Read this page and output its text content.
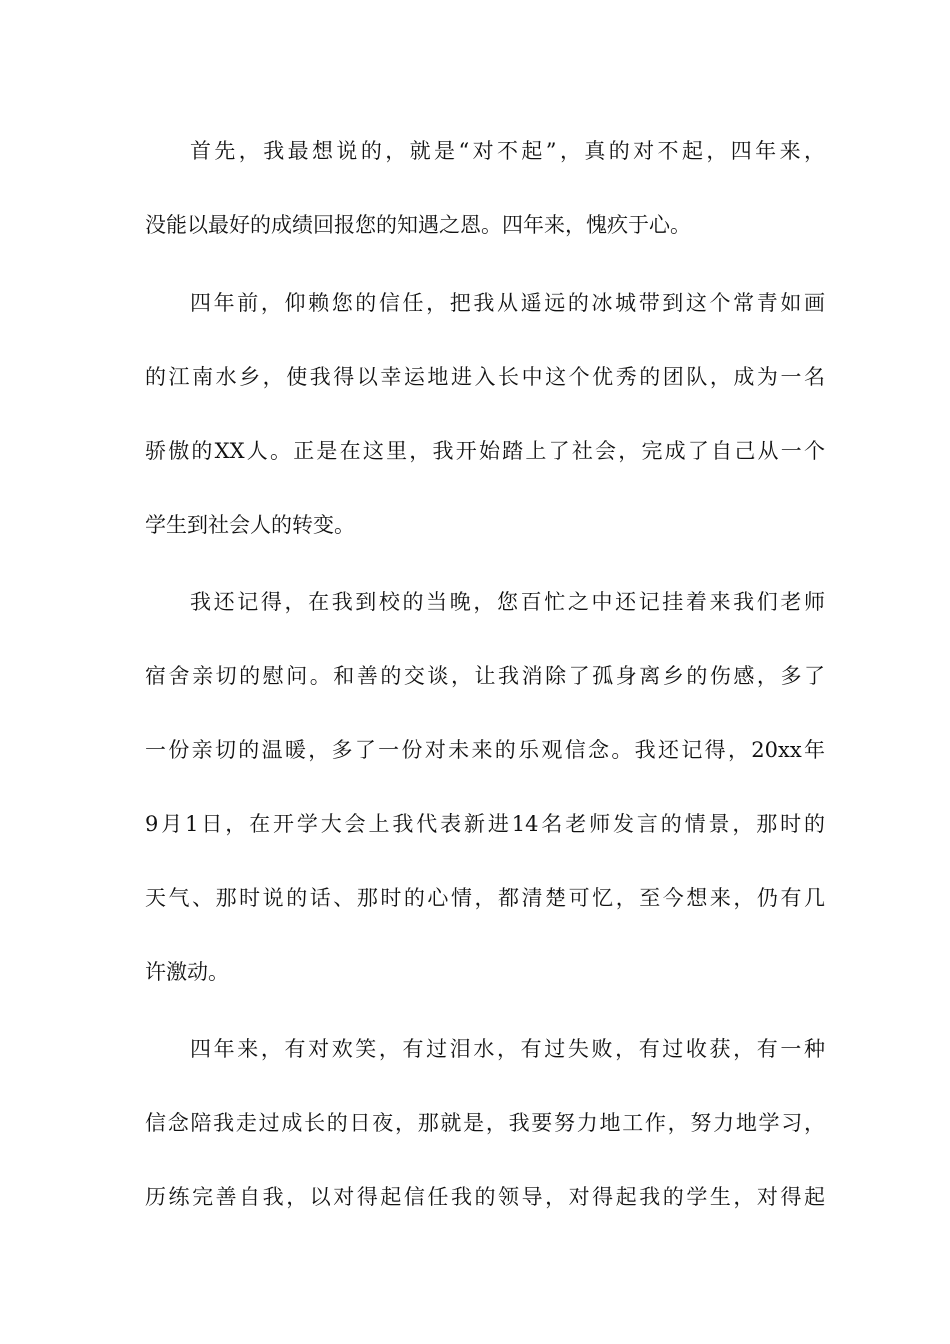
首先，我最想说的，就是“对不起”，真的对不起，四年来，
没能以最好的成绩回报您的知遇之恩。四年来，愧疚于心。
四年前，仰赖您的信任，把我从遥远的冰城带到这个常青如画
的江南水乡，使我得以幸运地进入长中这个优秀的团队，成为一名
骄傲的XX人。正是在这里，我开始踏上了社会，完成了自己从一个
学生到社会人的转变。
我还记得，在我到校的当晚，您百忙之中还记挂着来我们老师
宿舍亲切的慰问。和善的交谈，让我消除了孤身离乡的伤感，多了
一份亲切的温暖，多了一份对未来的乐观信念。我还记得，20xx年
9月1日，在开学大会上我代表新进14名老师发言的情景，那时的
天气、那时说的话、那时的心情，都清楚可忆，至今想来，仍有几
许激动。
四年来，有对欢笑，有过泪水，有过失败，有过收获，有一种
信念陪我走过成长的日夜，那就是，我要努力地工作，努力地学习，
历练完善自我，以对得起信任我的领导，对得起我的学生，对得起
